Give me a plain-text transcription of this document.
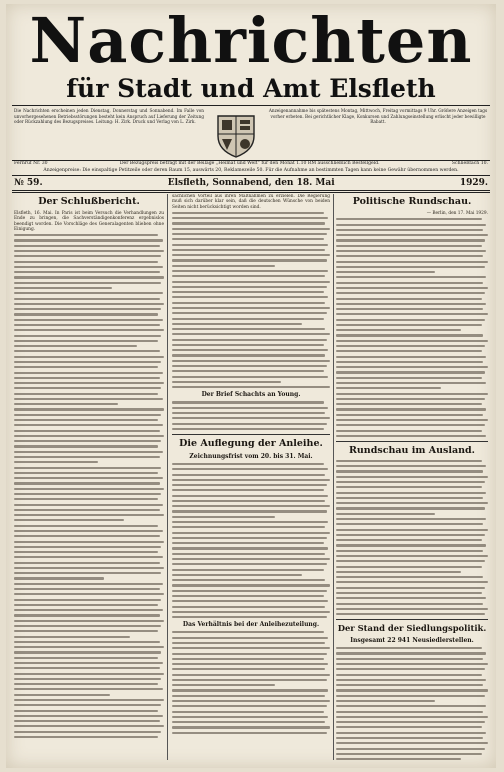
Nachrichten
für Stadt und Amt Elsfleth
Die Nachrichten erscheinen jeden Dienstag, Donnerstag und Sonnabend. Im Falle von unvorhergesehenen Betriebsstörungen besteht kein Anspruch auf Lieferung der Zeitung oder Rückzahlung des Bezugspreises. Leitung: H. Zirk. Druck und Verlag von L. Zirk.
Anzeigenannahme bis spätestens Montag, Mittwoch, Freitag vormittags 9 Uhr. Größere Anzeigen tags vorher erbeten. Bei gerichtlicher Klage, Konkursen und Zahlungseinstellung erlischt jeder bewilligte Rabatt.
Fernruf Nr. 30	Der Bezugspreis beträgt mit der Beilage „Heimat und Welt“ für den Monat 1.10 RM ausschließlich Bestellgeld.	Schließfach 10.
Anzeigenpreise: Die einspaltige Petitzeile oder deren Raum 15, auswärts 20, Reklamezeile 50. Für die Aufnahme an bestimmten Tagen kann keine Gewähr übernommen werden.
№ 59.	Elsfleth, Sonnabend, den 18. Mai	1929.
Der Schlußbericht.
Elsfleth, 16. Mai. In Paris ist beim Versuch die Verhandlungen zu Ende zu bringen, die Sachverständigenkonferenz ergebnislos beendigt worden. Die Vorschläge des Generalagenten blieben ohne Einigung.
sachlichen Vorteil aus ihren Maßnahmen zu erzielen. Die Regierung muß sich darüber klar sein, daß die deutschen Wünsche von beiden Seiten nicht berücksichtigt worden sind.
Der Brief Schachts an Young.
Die Auflegung der Anleihe.
Zeichnungsfrist vom 20. bis 31. Mai.
Das Verhältnis bei der Anleihezuteilung.
Politische Rundschau.
— Berlin, den 17. Mai 1929.
Rundschau im Ausland.
Der Stand der Siedlungspolitik.
Insgesamt 22 941 Neusiedlerstellen.
